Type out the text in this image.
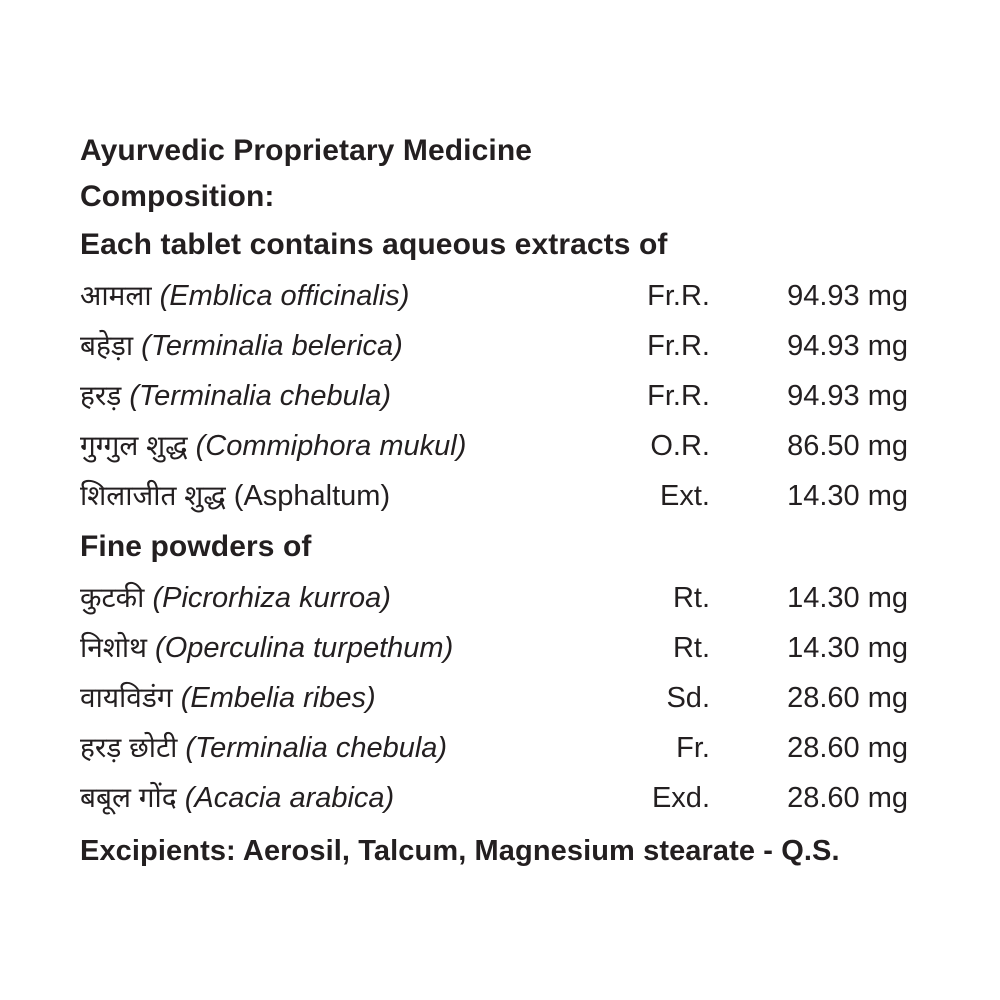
Ayurvedic Proprietary Medicine
Composition:
Each tablet contains aqueous extracts of
आमला (Emblica officinalis)	Fr.R.	94.93 mg
बहेड़ा (Terminalia belerica)	Fr.R.	94.93 mg
हरड़ (Terminalia chebula)	Fr.R.	94.93 mg
गुग्गुल शुद्ध (Commiphora mukul)	O.R.	86.50 mg
शिलाजीत शुद्ध (Asphaltum)	Ext.	14.30 mg
Fine powders of
कुटकी (Picrorhiza kurroa)	Rt.	14.30 mg
निशोथ (Operculina turpethum)	Rt.	14.30 mg
वायविडंग (Embelia ribes)	Sd.	28.60 mg
हरड़ छोटी (Terminalia chebula)	Fr.	28.60 mg
बबूल गोंद (Acacia arabica)	Exd.	28.60 mg
Excipients: Aerosil, Talcum, Magnesium stearate - Q.S.
